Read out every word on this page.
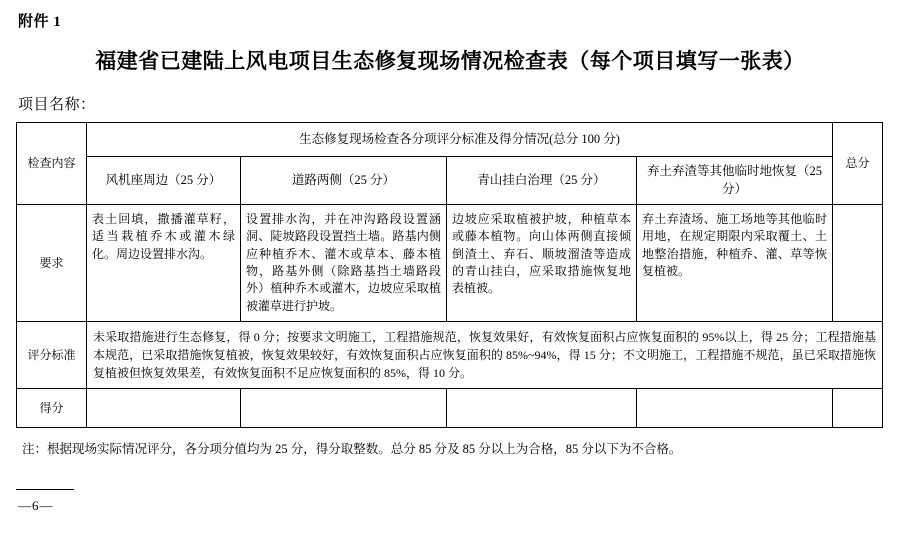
附件 1
福建省已建陆上风电项目生态修复现场情况检查表（每个项目填写一张表）
项目名称：
检查内容	生态修复现场检查各分项评分标准及得分情况(总分 100 分)				总分
	风机座周边（25 分）	道路两侧（25 分）	青山挂白治理（25 分）	弃土弃渣等其他临时地恢复（25 分）	
要求	表土回填，撒播灌草籽，适当栽植乔木或灌木绿化。周边设置排水沟。	设置排水沟，并在冲沟路段设置涵洞、陡坡路段设置挡土墙。路基内侧应种植乔木、灌木或草本、藤本植物，路基外侧（除路基挡土墙路段外）植种乔木或灌木，边坡应采取植被灌草进行护坡。	边坡应采取植被护坡，种植草本或藤本植物。向山体两侧直接倾倒渣土、弃石、顺坡溜渣等造成的青山挂白，应采取措施恢复地表植被。	弃土弃渣场、施工场地等其他临时用地，在规定期限内采取覆土、土地整治措施，种植乔、灌、草等恢复植被。	
评分标准	未采取措施进行生态修复，得 0 分；按要求文明施工，工程措施规范，恢复效果好，有效恢复面积占应恢复面积的 95%以上，得 25 分；工程措施基本规范，已采取措施恢复植被，恢复效果较好，有效恢复面积占应恢复面积的 85%~94%，得 15 分；不文明施工，工程措施不规范，虽已采取措施恢复植被但恢复效果差，有效恢复面积不足应恢复面积的 85%，得 10 分。				
得分					
注：根据现场实际情况评分，各分项分值均为 25 分，得分取整数。总分 85 分及 85 分以上为合格，85 分以下为不合格。
—6—
